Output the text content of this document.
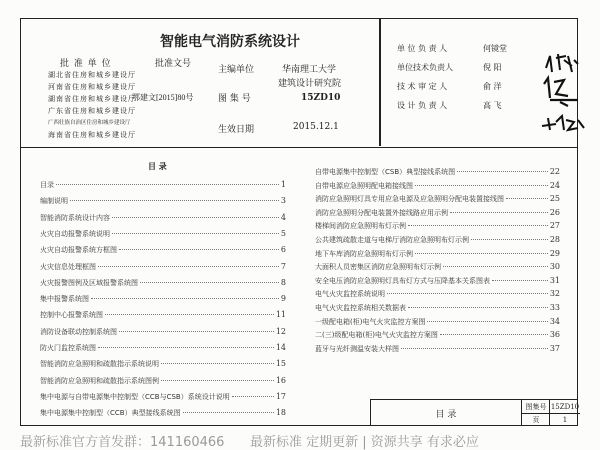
智能电气消防系统设计
批 准 单 位
湖北省住房和城乡建设厅
河南省住房和城乡建设厅
湖南省住房和城乡建设厅
广东省住房和城乡建设厅
广西壮族自治区住房和城乡建设厅
海南省住房和城乡建设厅
批准文号
鄂建文[2015]80号
主编单位	华南理工大学
建筑设计研究院
图 集 号	15ZD10
生效日期	2015.12.1
单 位 负 责 人	何镜堂
单位技术负责人	倪 阳
技 术 审 定 人	俞 洋
设 计 负 责 人	高 飞
目 录
目录	1
编制说明	3
智能消防系统设计内容	4
火灾自动报警系统说明	5
火灾自动报警系统方框图	6
火灾信息处理框图	7
火灾报警图例及区域报警系统图	8
集中报警系统图	9
控制中心报警系统图	11
消防设备联动控制系统图	12
防火门监控系统图	14
智能消防应急照明和疏散指示系统说明	15
智能消防应急照明和疏散指示系统图例	16
集中电源与自带电源集中控制型（CCB与CSB）系统设计说明	17
集中电源集中控制型（CCB）典型接线系统图	18
自带电源集中控制型（CSB）典型接线系统图	22
自带电源应急照明配电箱接线图	24
消防应急照明灯具专用应急电源及应急照明分配电装置接线图	25
消防应急照明分配电装置外接线路应用示例	26
楼梯间消防应急照明布灯示例	27
公共建筑疏散走道与电梯厅消防应急照明布灯示例	28
地下车库消防应急照明布灯示例	29
大面积人员密集区消防应急照明布灯示例	30
安全电压消防应急照明灯具布灯方式与压降基本关系图表	31
电气火灾监控系统说明	32
电气火灾监控系统相关数据表	33
一级配电箱(柜)电气火灾监控方案图	34
二(三)级配电箱(柜)电气火灾监控方案图	36
蓝牙与光纤测温安装大样图	37
最新标准官方首发群：141160466 最新标准 定期更新 | 资源共享 有求必应
目 录
图集号 15ZD10
页	1
